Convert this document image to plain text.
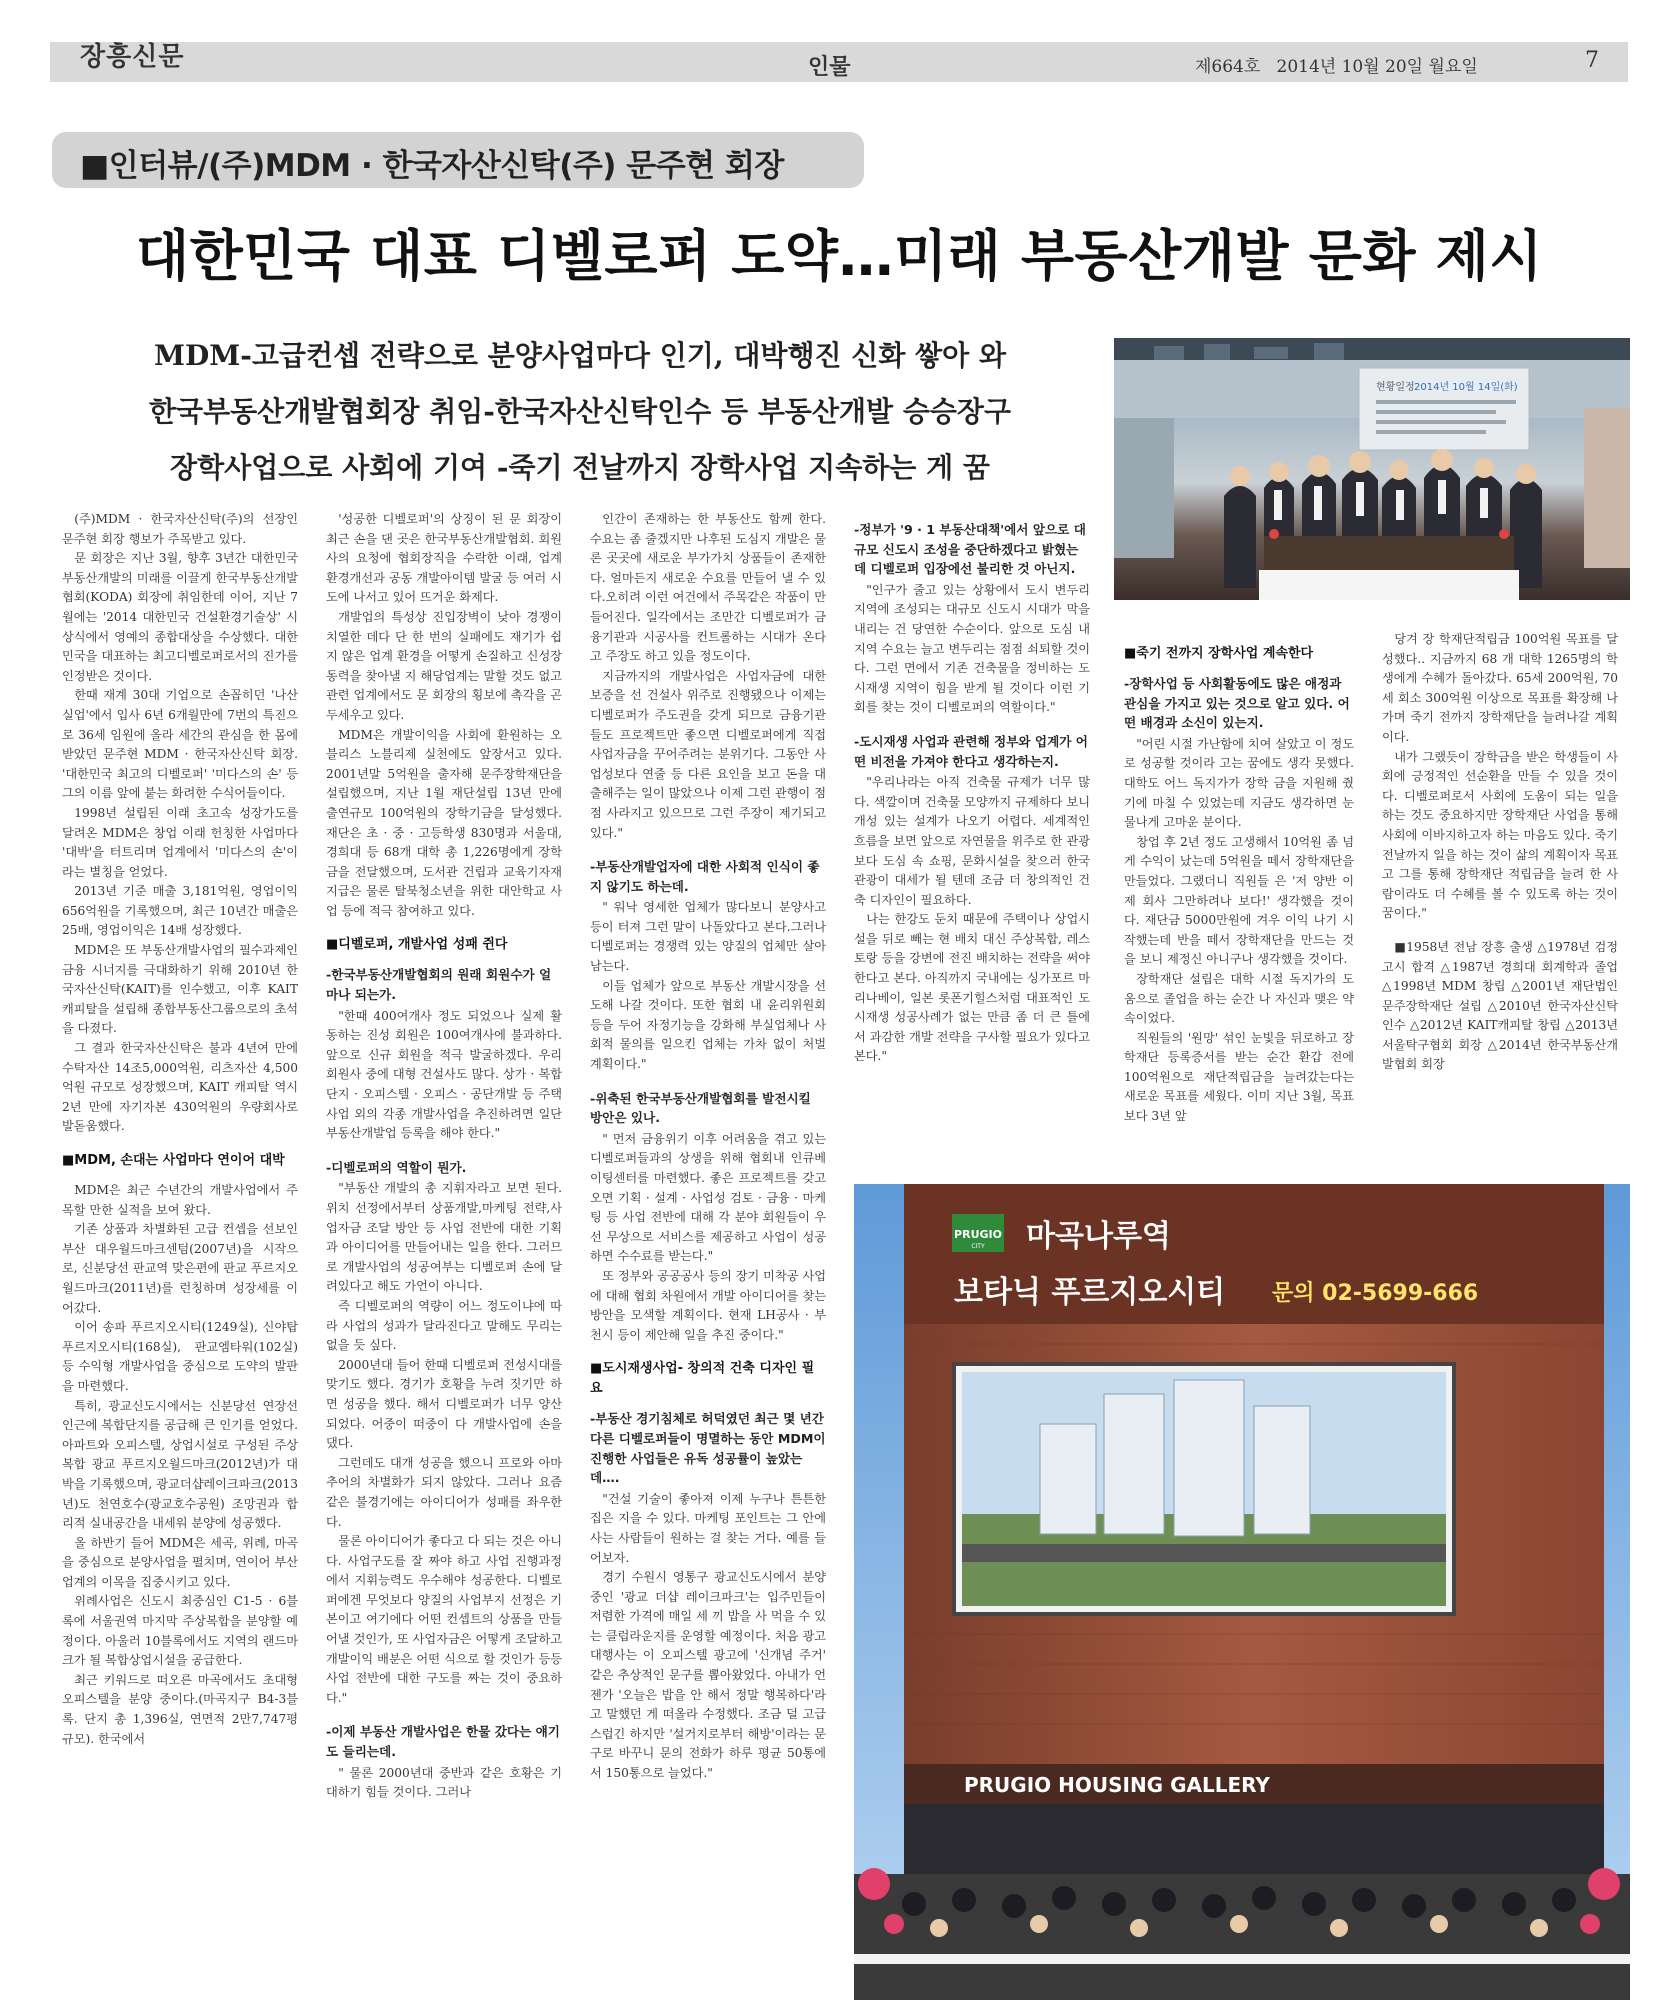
장흥신문	인물	제664호   2014년 10월 20일 월요일	7
■인터뷰/(주)MDM · 한국자산신탁(주) 문주현 회장
대한민국 대표 디벨로퍼 도약…미래 부동산개발 문화 제시
MDM-고급컨셉 전략으로 분양사업마다 인기, 대박행진 신화 쌓아 와
한국부동산개발협회장 취임-한국자산신탁인수 등 부동산개발 승승장구
장학사업으로 사회에 기여 -죽기 전날까지 장학사업 지속하는 게 꿈
현황일정 2014년 10월 14일(화)
PRUGIO
CITY 마곡나루역
보타닉 푸르지오시티 문의 02-5699-666
PRUGIO HOUSING GALLERY

(주)MDM · 한국자산신탁(주)의 선장인 문주현 회장 행보가 주목받고 있다.

문 회장은 지난 3월, 향후 3년간 대한민국 부동산개발의 미래를 이끌게 한국부동산개발협회(KODA) 회장에 취임한데 이어, 지난 7월에는 '2014 대한민국 건설환경기술상' 시상식에서 영예의 종합대상을 수상했다. 대한민국을 대표하는 최고디벨로퍼로서의 진가를 인정받은 것이다.

한때 재계 30대 기업으로 손꼽히던 '나산실업'에서 입사 6년 6개월만에 7번의 특진으로 36세 임원에 올라 세간의 관심을 한 몸에 받았던 문주현 MDM · 한국자산신탁 회장. '대한민국 최고의 디벨로퍼' '미다스의 손' 등 그의 이름 앞에 붙는 화려한 수식어들이다.

1998년 설립된 이래 초고속 성장가도를 달려온 MDM은 창업 이래 헌칭한 사업마다 '대박'을 터트리며 업계에서 '미다스의 손'이라는 별칭을 얻었다.

2013년 기준 매출 3,181억원, 영업이익 656억원을 기록했으며, 최근 10년간 매출은 25배, 영업이익은 14배 성장했다.

MDM은 또 부동산개발사업의 필수과제인 금융 시너지를 극대화하기 위해 2010년 한국자산신탁(KAIT)를 인수했고, 이후 KAIT 캐피탈을 설립해 종합부동산그룹으로의 초석을 다졌다.

그 결과 한국자산신탁은 불과 4년여 만에 수탁자산 14조5,000억원, 리츠자산 4,500억원 규모로 성장했으며, KAIT 캐피탈 역시 2년 만에 자기자본 430억원의 우량회사로 발돋움했다.

■MDM, 손대는 사업마다 연이어 대박

MDM은 최근 수년간의 개발사업에서 주목할 만한 실적을 보여 왔다.

기존 상품과 차별화된 고급 컨셉을 선보인 부산 대우월드마크센텀(2007년)을 시작으로, 신분당선 판교역 맞은편에 판교 푸르지오 월드마크(2011년)를 런칭하며 성장세를 이어갔다.

이어 송파 푸르지오시티(1249실), 신야탑 푸르지오시티(168실), 판교엠타워(102실) 등 수익형 개발사업을 중심으로 도약의 발판을 마련했다.

특히, 광교신도시에서는 신분당선 연장선 인근에 복합단지를 공급해 큰 인기를 얻었다. 아파트와 오피스텔, 상업시설로 구성된 주상복합 광교 푸르지오월드마크(2012년)가 대박을 기록했으며, 광교더샵레이크파크(2013년)도 천연호수(광교호수공원) 조망권과 합리적 실내공간을 내세워 분양에 성공했다.

올 하반기 들어 MDM은 세곡, 위례, 마곡을 중심으로 분양사업을 펼치며, 연이어 부산업계의 이목을 집중시키고 있다.

위례사업은 신도시 최중심인 C1-5 · 6블록에 서울권역 마지막 주상복합을 분양할 예정이다. 아울러 10블록에서도 지역의 랜드마크가 될 복합상업시설을 공급한다.

최근 키워드로 떠오른 마곡에서도 초대형 오피스텔을 분양 중이다.(마곡지구 B4-3블록. 단지 총 1,396실, 연면적 2만7,747평 규모). 한국에서

'성공한 디벨로퍼'의 상징이 된 문 회장이 최근 손을 댄 곳은 한국부동산개발협회. 회원사의 요청에 협회장직을 수락한 이래, 업계 환경개선과 공동 개발아이템 발굴 등 여러 시도에 나서고 있어 뜨거운 화제다.

개발업의 특성상 진입장벽이 낮아 경쟁이 치열한 데다 단 한 번의 실패에도 재기가 쉽지 않은 업계 환경을 어떻게 손질하고 신성장동력을 찾아낼 지 해당업계는 말할 것도 없고 관련 업계에서도 문 회장의 횡보에 촉각을 곤두세우고 있다.

MDM은 개발이익을 사회에 환원하는 오블리스 노블리제 실천에도 앞장서고 있다. 2001년말 5억원을 출자해 문주장학재단을 설립했으며, 지난 1월 재단설립 13년 만에 출연규모 100억원의 장학기금을 달성했다. 재단은 초 · 중 · 고등학생 830명과 서울대, 경희대 등 68개 대학 총 1,226명에게 장학금을 전달했으며, 도서관 건립과 교육기자재 지급은 물론 탈북청소년을 위한 대안학교 사업 등에 적극 참여하고 있다.

■디벨로퍼, 개발사업 성패 쥔다
-한국부동산개발협회의 원래 회원수가 얼마나 되는가.

"한때 400여개사 정도 되었으나 실제 활동하는 진성 회원은 100여개사에 불과하다. 앞으로 신규 회원을 적극 발굴하겠다. 우리 회원사 중에 대형 건설사도 많다. 상가 · 복합단지 · 오피스텔 · 오피스 · 공단개발 등 주택사업 외의 각종 개발사업을 추진하려면 일단 부동산개발업 등록을 해야 한다."

-디벨로퍼의 역할이 뭔가.

"부동산 개발의 총 지휘자라고 보면 된다. 위치 선정에서부터 상품개발,마케팅 전략,사업자금 조달 방안 등 사업 전반에 대한 기획과 아이디어를 만들어내는 일을 한다. 그러므로 개발사업의 성공여부는 디벨로퍼 손에 달려있다고 해도 가언이 아니다.

즉 디벨로퍼의 역량이 어느 정도이냐에 따라 사업의 성과가 달라진다고 말해도 무리는 없을 듯 싶다.

2000년대 들어 한때 디벨로퍼 전성시대를 맞기도 했다. 경기가 호황을 누려 짓기만 하면 성공을 했다. 해서 디벨로퍼가 너무 양산되었다. 어중이 떠중이 다 개발사업에 손을 댔다.

그런데도 대개 성공을 했으니 프로와 아마추어의 차별화가 되지 않았다. 그러나 요즘 같은 불경기에는 아이디어가 성패를 좌우한다.

물론 아이디어가 좋다고 다 되는 것은 아니다. 사업구도를 잘 짜야 하고 사업 진행과정에서 지휘능력도 우수해야 성공한다. 디벨로퍼에겐 무엇보다 양질의 사업부지 선정은 기본이고 여기에다 어떤 컨셉트의 상품을 만들어낼 것인가, 또 사업자금은 어떻게 조달하고 개발이익 배분은 어떤 식으로 할 것인가 등등 사업 전반에 대한 구도를 짜는 것이 중요하다."

-이제 부동산 개발사업은 한물 갔다는 얘기도 들리는데.

" 물론 2000년대 중반과 같은 호황은 기대하기 힘들 것이다. 그러나

인간이 존재하는 한 부동산도 함께 한다. 수요는 좀 줄겠지만 나후된 도심지 개발은 물론 곳곳에 새로운 부가가치 상품들이 존재한다. 얼마든지 새로운 수요를 만들어 낼 수 있다.오히려 이런 여건에서 주목같은 작품이 만들어진다. 일각에서는 조만간 디벨로퍼가 금융기관과 시공사를 컨트롤하는 시대가 온다고 주장도 하고 있을 정도이다.

지금까지의 개발사업은 사업자금에 대한 보증을 선 건설사 위주로 진행됐으나 이제는 디벨로퍼가 주도권을 갖게 되므로 금융기관들도 프로젝트만 좋으면 디벨로퍼에게 직접 사업자금을 꾸어주려는 분위기다. 그동안 사업성보다 연줄 등 다른 요인을 보고 돈을 대출해주는 일이 많았으나 이제 그런 관행이 점점 사라지고 있으므로 그런 주장이 제기되고 있다."

-부동산개발업자에 대한 사회적 인식이 좋지 않기도 하는데.

" 워낙 영세한 업체가 많다보니 분양사고 등이 터져 그런 말이 나돌았다고 본다.그러나 디벨로퍼는 경쟁력 있는 양질의 업체만 살아남는다.

이들 업체가 앞으로 부동산 개발시장을 선도해 나갈 것이다. 또한 협회 내 윤리위원회 등을 두어 자정기능을 강화해 부실업체나 사회적 물의를 일으킨 업체는 가차 없이 처벌 계획이다."

-위축된 한국부동산개발협회를 발전시킬 방안은 있나.

" 먼저 금융위기 이후 어려움을 겪고 있는 디벨로퍼들과의 상생을 위해 협회내 인큐베이팅센터를 마련했다. 좋은 프로젝트를 갖고 오면 기획 · 설계 · 사업성 검토 · 금융 · 마케팅 등 사업 전반에 대해 각 분야 회원들이 우선 무상으로 서비스를 제공하고 사업이 성공하면 수수료를 받는다."

또 정부와 공공공사 등의 장기 미착공 사업에 대해 협회 차원에서 개발 아이디어를 찾는 방안을 모색할 계획이다. 현재 LH공사 · 부천시 등이 제안해 일을 추진 중이다."

■도시재생사업- 창의적 건축 디자인 필요
-부동산 경기침체로 허덕였던 최근 몇 년간 다른 디벨로퍼들이 명멸하는 동안 MDM이 진행한 사업들은 유독 성공률이 높았는데….

"건설 기술이 좋아져 이제 누구나 튼튼한 집은 지을 수 있다. 마케팅 포인트는 그 안에 사는 사람들이 원하는 걸 찾는 거다. 예를 들어보자.

경기 수원시 영통구 광교신도시에서 분양 중인 '광교 더샵 레이크파크'는 입주민들이 저렴한 가격에 매일 세 끼 밥을 사 먹을 수 있는 클럽라운지를 운영할 예정이다. 처음 광고대행사는 이 오피스텔 광고에 '신개념 주거' 같은 추상적인 문구를 뽑아왔었다. 아내가 언젠가 '오늘은 밥을 안 해서 정말 행복하다'라고 말했던 게 떠올라 수정했다. 조금 덜 고급스럽긴 하지만 '설거지로부터 해방'이라는 문구로 바꾸니 문의 전화가 하루 평균 50통에서 150통으로 늘었다."

-정부가 '9 · 1 부동산대책'에서 앞으로 대규모 신도시 조성을 중단하겠다고 밝혔는데 디벨로퍼 입장에선 불리한 것 아닌지.

"인구가 줄고 있는 상황에서 도시 변두리 지역에 조성되는 대규모 신도시 시대가 막을 내리는 건 당연한 수순이다. 앞으로 도심 내 지역 수요는 늘고 변두리는 점점 쇠퇴할 것이다. 그런 면에서 기존 건축물을 정비하는 도시재생 지역이 힘을 받게 될 것이다 이런 기회를 찾는 것이 디벨로퍼의 역할이다."

-도시재생 사업과 관련해 정부와 업계가 어떤 비전을 가져야 한다고 생각하는지.

"우리나라는 아직 건축물 규제가 너무 많다. 색깔이며 건축물 모양까지 규제하다 보니 개성 있는 설계가 나오기 어렵다. 세계적인 흐름을 보면 앞으로 자연물을 위주로 한 관광보다 도심 속 쇼핑, 문화시설을 찾으러 한국 관광이 대세가 될 텐데 조금 더 창의적인 건축 디자인이 필요하다.

나는 한강도 둔치 때문에 주택이나 상업시설을 뒤로 빼는 현 배치 대신 주상복합, 레스토랑 등을 강변에 전진 배치하는 전략을 써야 한다고 본다. 아직까지 국내에는 싱가포르 마리나베이, 일본 롯폰기힐스처럼 대표적인 도시재생 성공사례가 없는 만큼 좀 더 큰 틀에서 과감한 개발 전략을 구사할 필요가 있다고 본다."

■죽기 전까지 장학사업 계속한다
-장학사업 등 사회활동에도 많은 애정과 관심을 가지고 있는 것으로 알고 있다. 어떤 배경과 소신이 있는지.

"어린 시절 가난함에 치여 살았고 이 정도로 성공할 것이라 고는 꿈에도 생각 못했다. 대학도 어느 독지가가 장학 금을 지원해 줬기에 마칠 수 있었는데 지금도 생각하면 눈물나게 고마운 분이다.

창업 후 2년 정도 고생해서 10억원 좀 넘게 수익이 났는데 5억원을 떼서 장학재단을 만들었다. 그랬더니 직원들 은 '저 양반 이제 회사 그만하려나 보다!' 생각했을 것이다. 재단금 5000만원에 겨우 이익 나기 시작했는데 반을 떼서 장학재단을 만드는 것을 보니 제정신 아니구나 생각했을 것이다.

장학재단 설립은 대학 시절 독지가의 도움으로 졸업을 하는 순간 나 자신과 맺은 약속이었다.

직원들의 '원망' 섞인 눈빛을 뒤로하고 장학재단 등록증서를 받는 순간 환갑 전에 100억원으로 재단적립금을 늘려갔는다는 새로운 목표를 세웠다. 이미 지난 3월, 목표보다 3년 앞

당겨 장 학재단적립금 100억원 목표를 달성했다.. 지금까지 68 개 대학 1265명의 학생에게 수혜가 돌아갔다. 65세 200억원, 70세 회소 300억원 이상으로 목표를 확장해 나 가며 죽기 전까지 장학재단을 늘려나갈 계획이다.

내가 그랬듯이 장학금을 받은 학생들이 사회에 긍정적인 선순환을 만들 수 있을 것이다. 디벨로퍼로서 사회에 도움이 되는 일을 하는 것도 중요하지만 장학재단 사업을 통해 사회에 이바지하고자 하는 마음도 있다. 죽기 전날까지 일을 하는 것이 삶의 계획이자 목표고 그를 통해 장학재단 적립금을 늘려 한 사람이라도 더 수혜를 볼 수 있도록 하는 것이 꿈이다."

■1958년 전남 장흥 출생 △1978년 검정고시 합격 △1987년 경희대 회계학과 졸업 △1998년 MDM 창립 △2001년 재단법인 문주장학재단 설립 △2010년 한국자산신탁 인수 △2012년 KAIT캐피탈 창립 △2013년 서울탁구협회 회장 △2014년 한국부동산개발협회 회장
